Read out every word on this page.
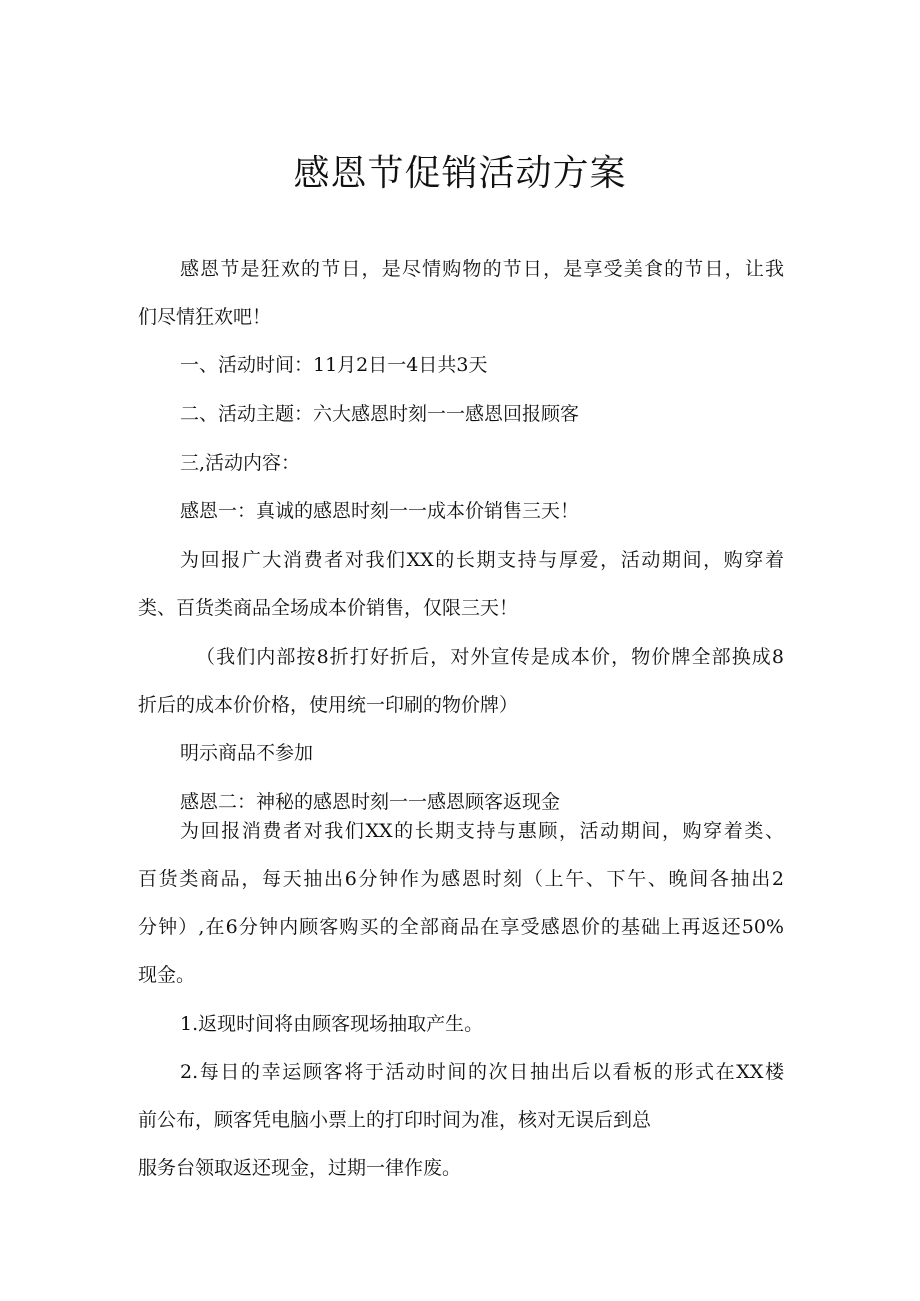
感恩节促销活动方案
感恩节是狂欢的节日，是尽情购物的节日，是享受美食的节日，让我
们尽情狂欢吧！
一、活动时间：11月2日一4日共3天
二、活动主题：六大感恩时刻一一感恩回报顾客
三,活动内容：
感恩一：真诚的感恩时刻一一成本价销售三天！
为回报广大消费者对我们XX的长期支持与厚爱，活动期间，购穿着
类、百货类商品全场成本价销售，仅限三天！
（我们内部按8折打好折后，对外宣传是成本价，物价牌全部换成8
折后的成本价价格，使用统一印刷的物价牌）
明示商品不参加
感恩二：神秘的感恩时刻一一感恩顾客返现金
为回报消费者对我们XX的长期支持与惠顾，活动期间，购穿着类、
百货类商品，每天抽出6分钟作为感恩时刻（上午、下午、晚间各抽出2
分钟）,在6分钟内顾客购买的全部商品在享受感恩价的基础上再返还50%
现金。
1.返现时间将由顾客现场抽取产生。
2.每日的幸运顾客将于活动时间的次日抽出后以看板的形式在XX楼
前公布，顾客凭电脑小票上的打印时间为准，核对无误后到总
服务台领取返还现金，过期一律作废。
